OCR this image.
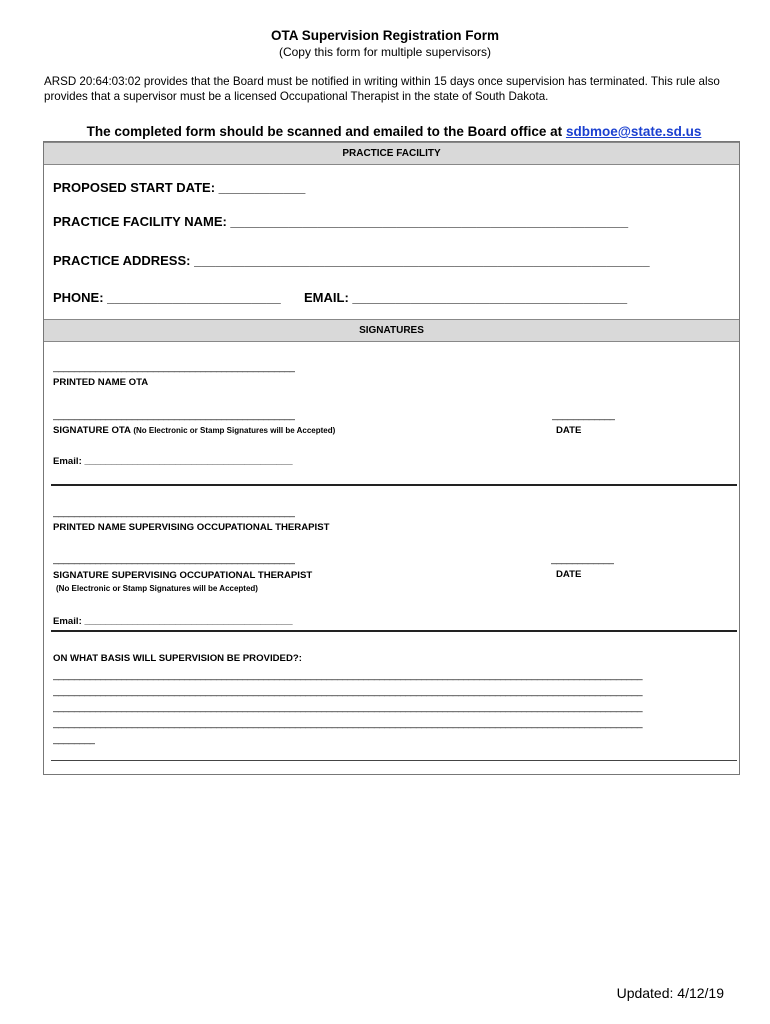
OTA Supervision Registration Form
(Copy this form for multiple supervisors)
ARSD 20:64:03:02 provides that the Board must be notified in writing within 15 days once supervision has terminated. This rule also provides that a supervisor must be a licensed Occupational Therapist in the state of South Dakota.
The completed form should be scanned and emailed to the Board office at sdbmoe@state.sd.us
PRACTICE FACILITY
PROPOSED START DATE: ____________
PRACTICE FACILITY NAME: _______________________________________________________
PRACTICE ADDRESS: _______________________________________________________________
PHONE: ________________________ EMAIL: ______________________________________
SIGNATURES
______________________________________________
PRINTED NAME OTA
______________________________________________
SIGNATURE OTA (No Electronic or Stamp Signatures will be Accepted)
____________
DATE
Email: _______________________________________
______________________________________________
PRINTED NAME SUPERVISING OCCUPATIONAL THERAPIST
______________________________________________
SIGNATURE SUPERVISING OCCUPATIONAL THERAPIST
(No Electronic or Stamp Signatures will be Accepted)
____________
DATE
Email: _______________________________________
ON WHAT BASIS WILL SUPERVISION BE PROVIDED?:
________________________________________________________________________________________________________________
________________________________________________________________________________________________________________
________________________________________________________________________________________________________________
________________________________________________________________________________________________________________
________
Updated: 4/12/19
